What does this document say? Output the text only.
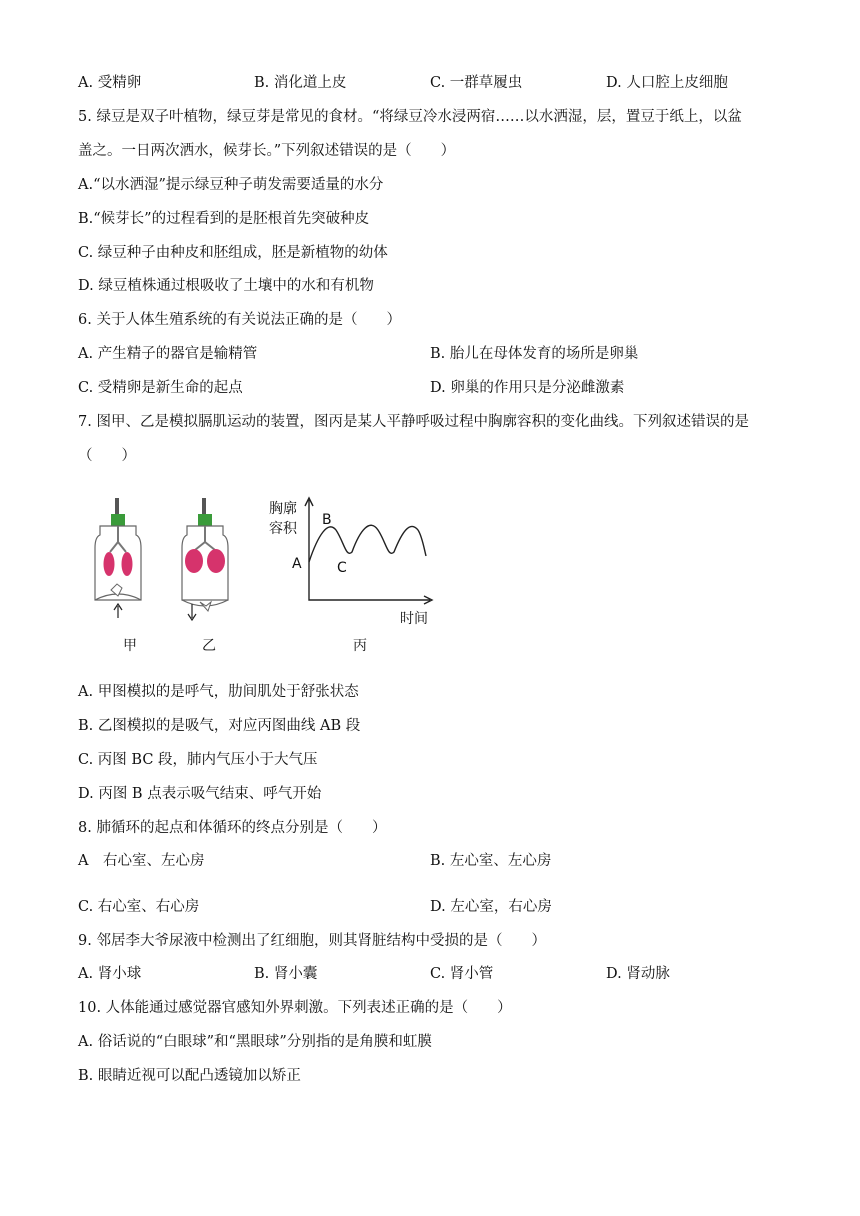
A. 受精卵	B. 消化道上皮	C. 一群草履虫	D. 人口腔上皮细胞
5. 绿豆是双子叶植物，绿豆芽是常见的食材。“将绿豆冷水浸两宿……以水洒湿，层，置豆于纸上，以盆
盖之。一日两次洒水，候芽长。”下列叙述错误的是（　　）
A.“以水洒湿”提示绿豆种子萌发需要适量的水分
B.“候芽长”的过程看到的是胚根首先突破种皮
C. 绿豆种子由种皮和胚组成，胚是新植物的幼体
D. 绿豆植株通过根吸收了土壤中的水和有机物
6. 关于人体生殖系统的有关说法正确的是（　　）
A. 产生精子的器官是输精管	B. 胎儿在母体发育的场所是卵巢
C. 受精卵是新生命的起点	D. 卵巢的作用只是分泌雌激素
7. 图甲、乙是模拟膈肌运动的装置，图丙是某人平静呼吸过程中胸廓容积的变化曲线。下列叙述错误的是
（　　）
胸廓
容积
时间
A
B
C
甲	乙	丙
A. 甲图模拟的是呼气，肋间肌处于舒张状态
B. 乙图模拟的是吸气，对应丙图曲线 AB 段
C. 丙图 BC 段，肺内气压小于大气压
D. 丙图 B 点表示吸气结束、呼气开始
8. 肺循环的起点和体循环的终点分别是（　　）
A　右心室、左心房	B. 左心室、左心房
C. 右心室、右心房	D. 左心室，右心房
9. 邻居李大爷尿液中检测出了红细胞，则其肾脏结构中受损的是（　　）
A. 肾小球	B. 肾小囊	C. 肾小管	D. 肾动脉
10. 人体能通过感觉器官感知外界刺激。下列表述正确的是（　　）
A. 俗话说的“白眼球”和“黑眼球”分别指的是角膜和虹膜
B. 眼睛近视可以配凸透镜加以矫正
